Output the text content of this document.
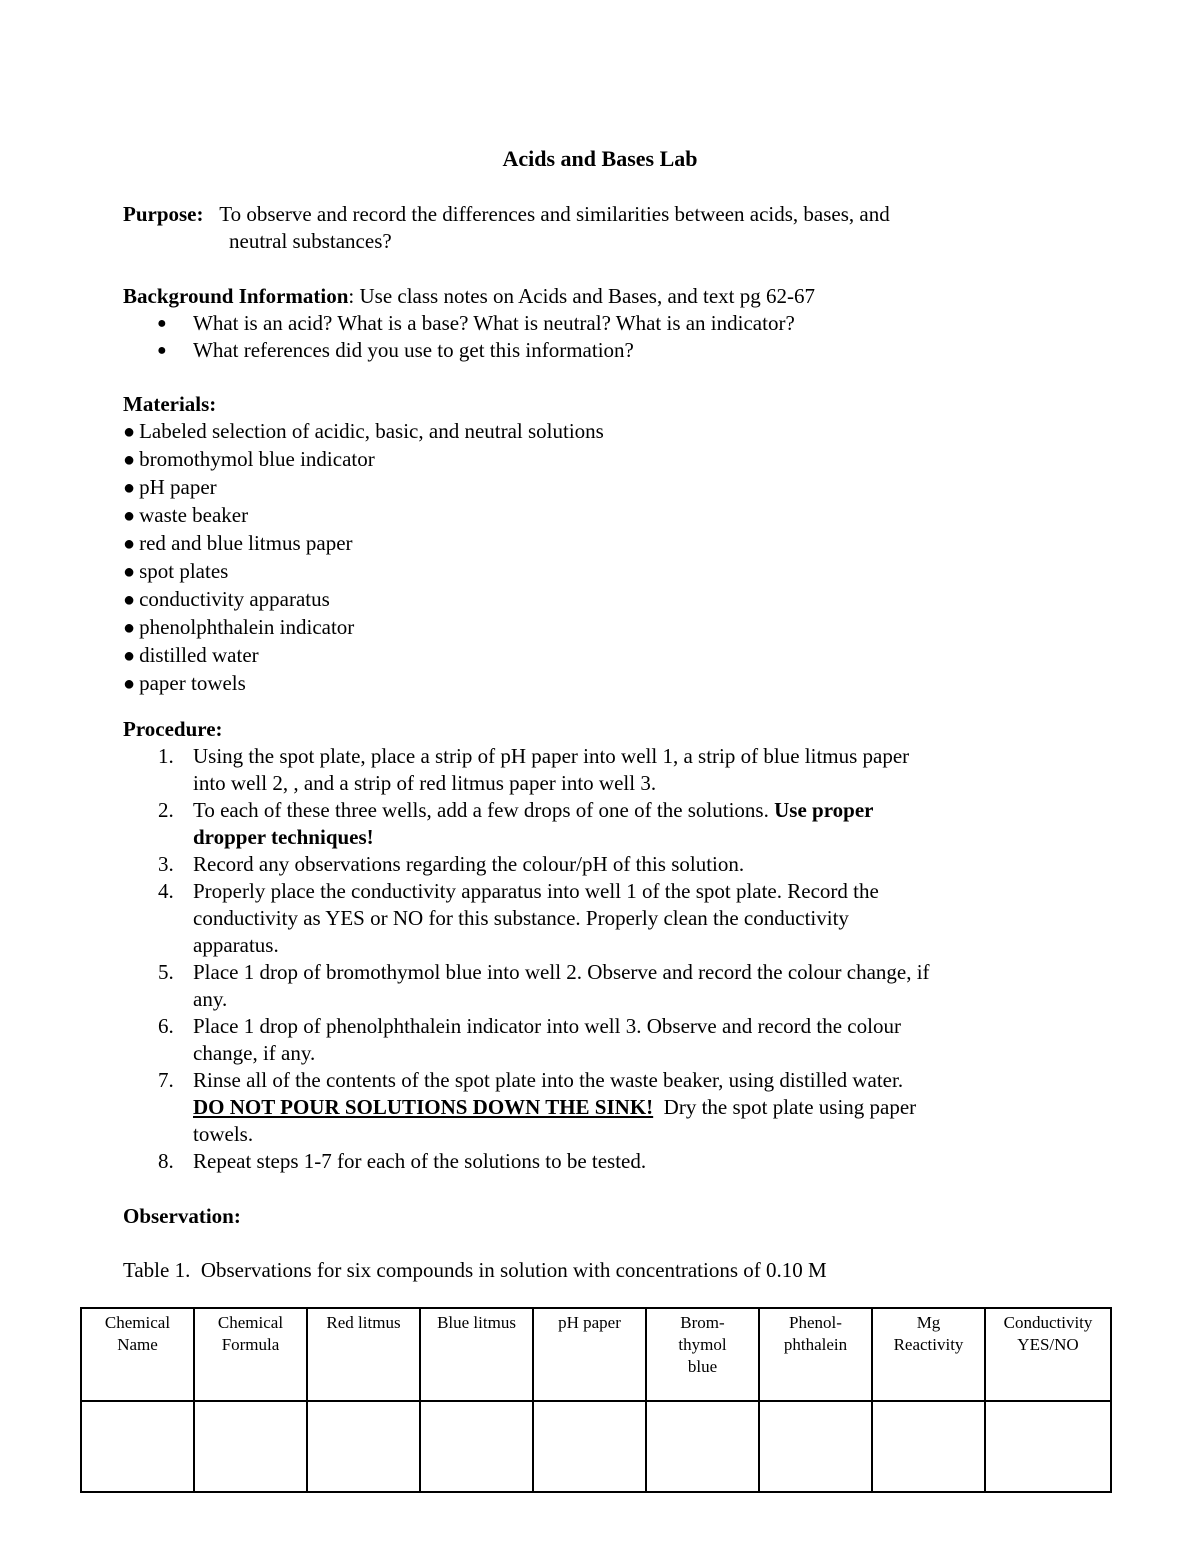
Acids and Bases Lab
Purpose: To observe and record the differences and similarities between acids, bases, and
neutral substances?
Background Information: Use class notes on Acids and Bases, and text pg 62-67
● What is an acid? What is a base? What is neutral? What is an indicator?
● What references did you use to get this information?
Materials:
● Labeled selection of acidic, basic, and neutral solutions
● bromothymol blue indicator
● pH paper
● waste beaker
● red and blue litmus paper
● spot plates
● conductivity apparatus
● phenolphthalein indicator
● distilled water
● paper towels
Procedure:
1. Using the spot plate, place a strip of pH paper into well 1, a strip of blue litmus paper
into well 2, , and a strip of red litmus paper into well 3.
2. To each of these three wells, add a few drops of one of the solutions. Use proper
dropper techniques!
3. Record any observations regarding the colour/pH of this solution.
4. Properly place the conductivity apparatus into well 1 of the spot plate. Record the
conductivity as YES or NO for this substance. Properly clean the conductivity
apparatus.
5. Place 1 drop of bromothymol blue into well 2. Observe and record the colour change, if
any.
6. Place 1 drop of phenolphthalein indicator into well 3. Observe and record the colour
change, if any.
7. Rinse all of the contents of the spot plate into the waste beaker, using distilled water.
DO NOT POUR SOLUTIONS DOWN THE SINK!  Dry the spot plate using paper
towels.
8. Repeat steps 1-7 for each of the solutions to be tested.
Observation:
Table 1.  Observations for six compounds in solution with concentrations of 0.10 M
Chemical
Name	Chemical
Formula	Red litmus	Blue litmus	pH paper	Brom-
thymol
blue	Phenol-
phthalein	Mg
Reactivity	Conductivity
YES/NO
